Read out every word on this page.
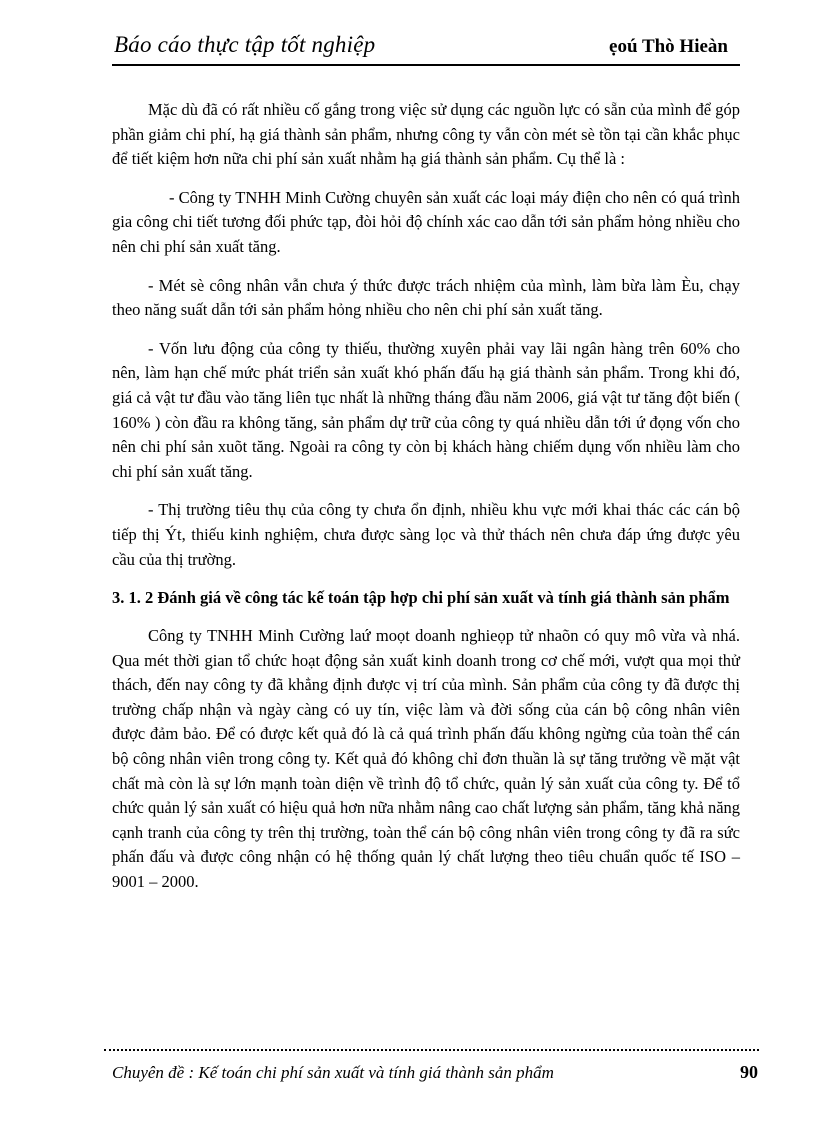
Báo cáo thực tập tốt nghiệp	ẹoú Thò Hieàn

Mặc dù đã có rất nhiều cố gắng trong việc sử dụng các nguồn lực có sẵn của mình để góp phần giảm chi phí, hạ giá thành sản phẩm, nhưng công ty vẫn còn mét sè tồn tại cần khắc phục để tiết kiệm hơn nữa chi phí sản xuất nhằm hạ giá thành sản phẩm. Cụ thể là :

- Công ty TNHH Minh Cường chuyên sản xuất các loại máy điện cho nên có quá trình gia công chi tiết tương đối phức tạp, đòi hỏi độ chính xác cao dẫn tới sản phẩm hỏng nhiều cho nên chi phí sản xuất tăng.

- Mét sè công nhân vẫn chưa ý thức được trách nhiệm của mình, làm bừa làm Èu, chạy theo năng suất dẫn tới sản phẩm hỏng nhiều cho nên chi phí sản xuất tăng.

- Vốn lưu động của công ty thiếu, thường xuyên phải vay lãi ngân hàng trên 60% cho nên, làm hạn chế mức phát triển sản xuất khó phấn đấu hạ giá thành sản phẩm. Trong khi đó, giá cả vật tư đầu vào tăng liên tục nhất là những tháng đầu năm 2006, giá vật tư tăng đột biến ( 160% ) còn đầu ra không tăng, sản phẩm dự trữ của công ty quá nhiều dẫn tới ứ đọng vốn cho nên chi phí sản xuõt tăng. Ngoài ra công ty còn bị khách hàng chiếm dụng vốn nhiều làm cho chi phí sản xuất tăng.

- Thị trường tiêu thụ của công ty chưa ổn định, nhiều khu vực mới khai thác các cán bộ tiếp thị Ýt, thiếu kinh nghiệm, chưa được sàng lọc và thử thách nên chưa đáp ứng được yêu cầu của thị trường.

3. 1. 2 Đánh giá về công tác kế toán tập hợp chi phí sản xuất và tính giá thành sản phẩm

Công ty TNHH Minh Cường laứ moọt doanh nghieọp tử nhaõn có quy mô vừa và nhá. Qua mét thời gian tổ chức hoạt động sản xuất kinh doanh trong cơ chế mới, vượt qua mọi thử thách, đến nay công ty đã khẳng định được vị trí của mình. Sản phẩm của công ty đã được thị trường chấp nhận và ngày càng có uy tín, việc làm và đời sống của cán bộ công nhân viên được đảm bảo. Để có được kết quả đó là cả quá trình phấn đấu không ngừng của toàn thể cán bộ công nhân viên trong công ty. Kết quả đó không chỉ đơn thuần là sự tăng trưởng về mặt vật chất mà còn là sự lớn mạnh toàn diện về trình độ tổ chức, quản lý sản xuất của công ty. Để tổ chức quản lý sản xuất có hiệu quả hơn nữa nhằm nâng cao chất lượng sản phẩm, tăng khả năng cạnh tranh của công ty trên thị trường, toàn thể cán bộ công nhân viên trong công ty đã ra sức phấn đấu và được công nhận có hệ thống quản lý chất lượng theo tiêu chuẩn quốc tế ISO – 9001 – 2000.

Chuyên đề : Kế toán chi phí sản xuất và tính giá thành sản phẩm	90
